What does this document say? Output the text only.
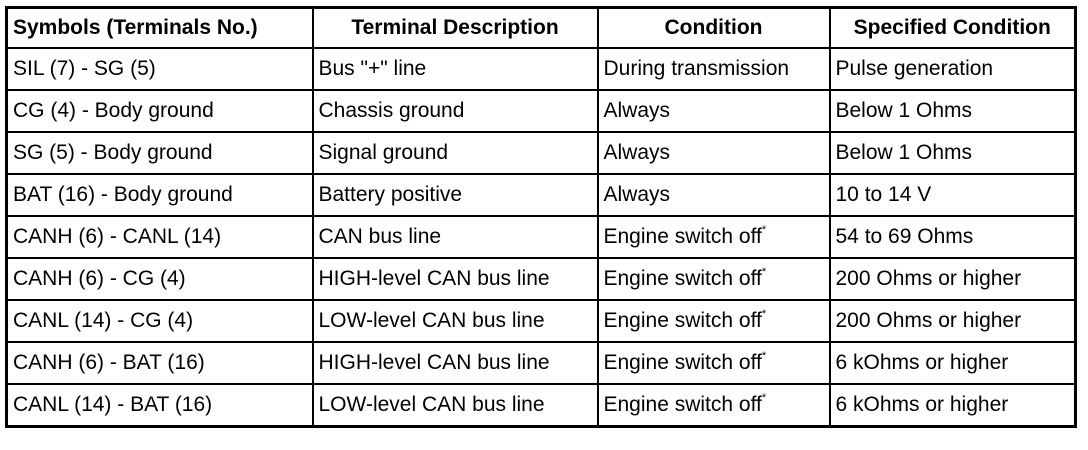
Symbols (Terminals No.)	Terminal Description	Condition	Specified Condition
SIL (7) - SG (5)	Bus "+" line	During transmission	Pulse generation
CG (4) - Body ground	Chassis ground	Always	Below 1 Ohms
SG (5) - Body ground	Signal ground	Always	Below 1 Ohms
BAT (16) - Body ground	Battery positive	Always	10 to 14 V
CANH (6) - CANL (14)	CAN bus line	Engine switch off*	54 to 69 Ohms
CANH (6) - CG (4)	HIGH-level CAN bus line	Engine switch off*	200 Ohms or higher
CANL (14) - CG (4)	LOW-level CAN bus line	Engine switch off*	200 Ohms or higher
CANH (6) - BAT (16)	HIGH-level CAN bus line	Engine switch off*	6 kOhms or higher
CANL (14) - BAT (16)	LOW-level CAN bus line	Engine switch off*	6 kOhms or higher
